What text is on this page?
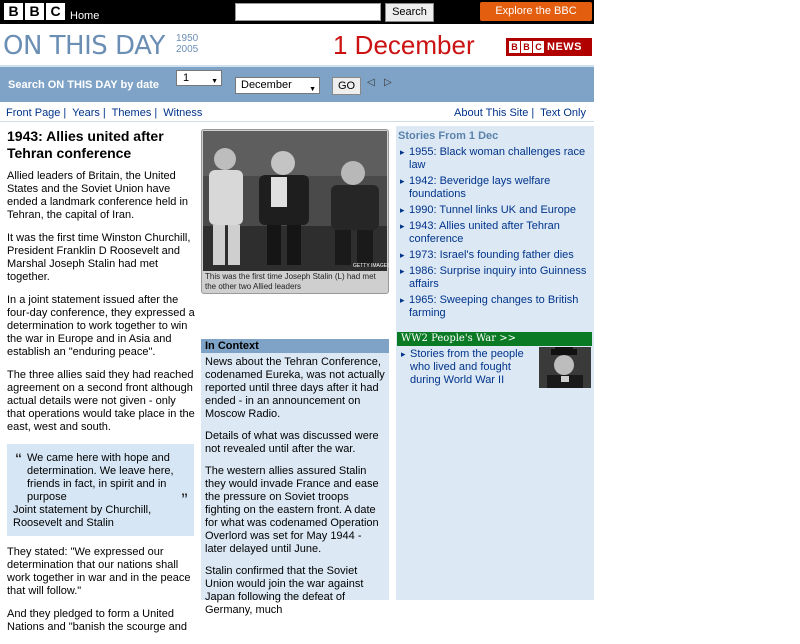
B B C Home	Search	Explore the BBC
ON THIS DAY 1950
2005	1 December	B B C NEWS
Search ON THIS DAY by date
1	▼	December ▼	GO	◁ ▷
Front Page | Years | Themes | Witness	About This Site | Text Only
1943: Allies united after Tehran conference

Allied leaders of Britain, the United States and the Soviet Union have ended a landmark conference held in Tehran, the capital of Iran.

It was the first time Winston Churchill, President Franklin D Roosevelt and Marshal Joseph Stalin had met together.

In a joint statement issued after the four-day conference, they expressed a determination to work together to win the war in Europe and in Asia and establish an "enduring peace".

The three allies said they had reached agreement on a second front although actual details were not given - only that operations would take place in the east, west and south.

“ We came here with hope and determination. We leave here, friends in fact, in spirit and in purpose	”
Joint statement by Churchill, Roosevelt and Stalin

They stated: "We expressed our determination that our nations shall work together in war and in the peace that will follow."

And they pledged to form a United Nations and "banish the scourge and

GETTY IMAGES
This was the first time Joseph Stalin (L) had met the other two Allied leaders
In Context

News about the Tehran Conference, codenamed Eureka, was not actually reported until three days after it had ended - in an announcement on Moscow Radio.

Details of what was discussed were not revealed until after the war.

The western allies assured Stalin they would invade France and ease the pressure on Soviet troops fighting on the eastern front. A date for what was codenamed Operation Overlord was set for May 1944 - later delayed until June.

Stalin confirmed that the Soviet Union would join the war against Japan following the defeat of Germany, much

Stories From 1 Dec
▸ 1955: Black woman challenges race law
▸ 1942: Beveridge lays welfare foundations
▸ 1990: Tunnel links UK and Europe
▸ 1943: Allies united after Tehran conference
▸ 1973: Israel's founding father dies
▸ 1986: Surprise inquiry into Guinness affairs
▸ 1965: Sweeping changes to British farming
WW2 People's War >>
▸ Stories from the people who lived and fought during World War II
